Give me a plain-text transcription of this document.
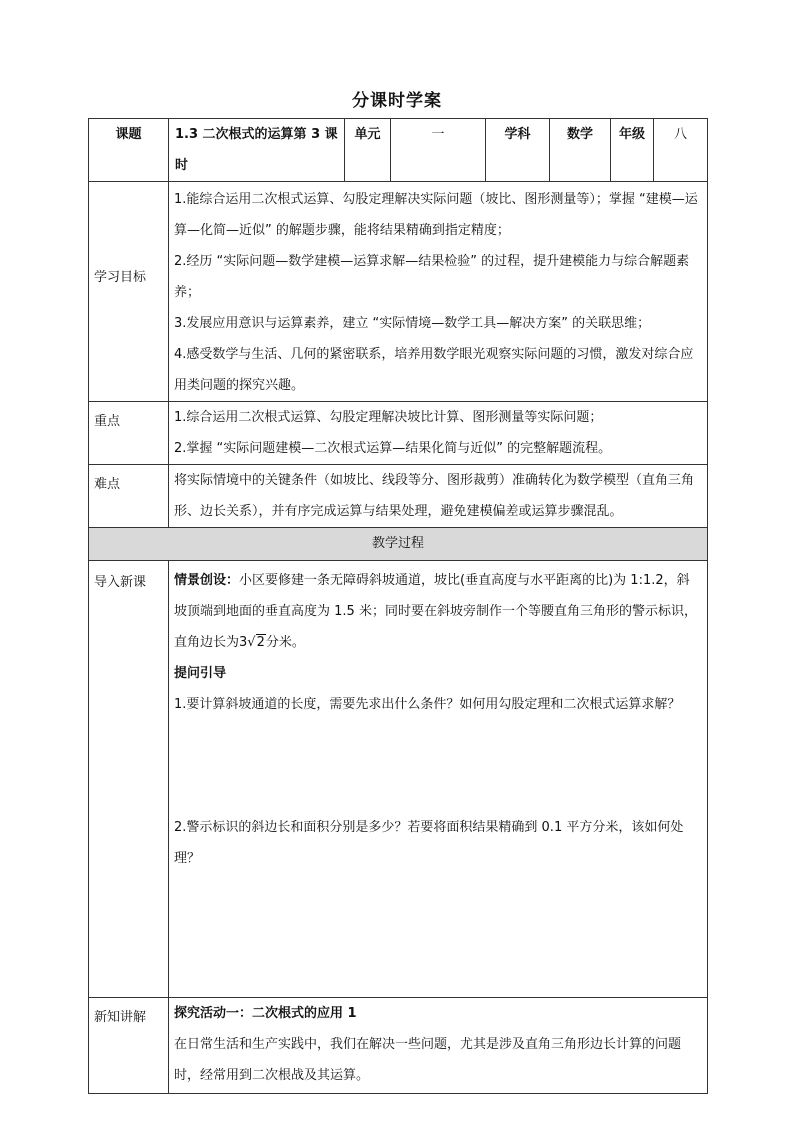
分课时学案
课题	1.3 二次根式的运算第 3 课时	单元	一	学科	数学	年级	八
学习目标	1.能综合运用二次根式运算、勾股定理解决实际问题（坡比、图形测量等）；掌握 “建模—运算—化简—近似” 的解题步骤，能将结果精确到指定精度；

2.经历 “实际问题—数学建模—运算求解—结果检验” 的过程，提升建模能力与综合解题素养；

3.发展应用意识与运算素养，建立 “实际情境—数学工具—解决方案” 的关联思维；

4.感受数学与生活、几何的紧密联系，培养用数学眼光观察实际问题的习惯，激发对综合应用类问题的探究兴趣。						

重点	1.综合运用二次根式运算、勾股定理解决坡比计算、图形测量等实际问题；

2.掌握 “实际问题建模—二次根式运算—结果化简与近似” 的完整解题流程。						

难点	将实际情境中的关键条件（如坡比、线段等分、图形裁剪）准确转化为数学模型（直角三角形、边长关系），并有序完成运算与结果处理，避免建模偏差或运算步骤混乱。						

教学过程							
导入新课	情景创设：小区要修建一条无障碍斜坡通道，坡比(垂直高度与水平距离的比)为 1:1.2，斜坡顶端到地面的垂直高度为 1.5 米；同时要在斜坡旁制作一个等腰直角三角形的警示标识，直角边长为3√2分米。

提问引导

1.要计算斜坡通道的长度，需要先求出什么条件？如何用勾股定理和二次根式运算求解？

2.警示标识的斜边长和面积分别是多少？若要将面积结果精确到 0.1 平方分米，该如何处理？						

新知讲解	探究活动一：二次根式的应用 1

在日常生活和生产实践中，我们在解决一些问题，尤其是涉及直角三角形边长计算的问题时，经常用到二次根战及其运算。						
